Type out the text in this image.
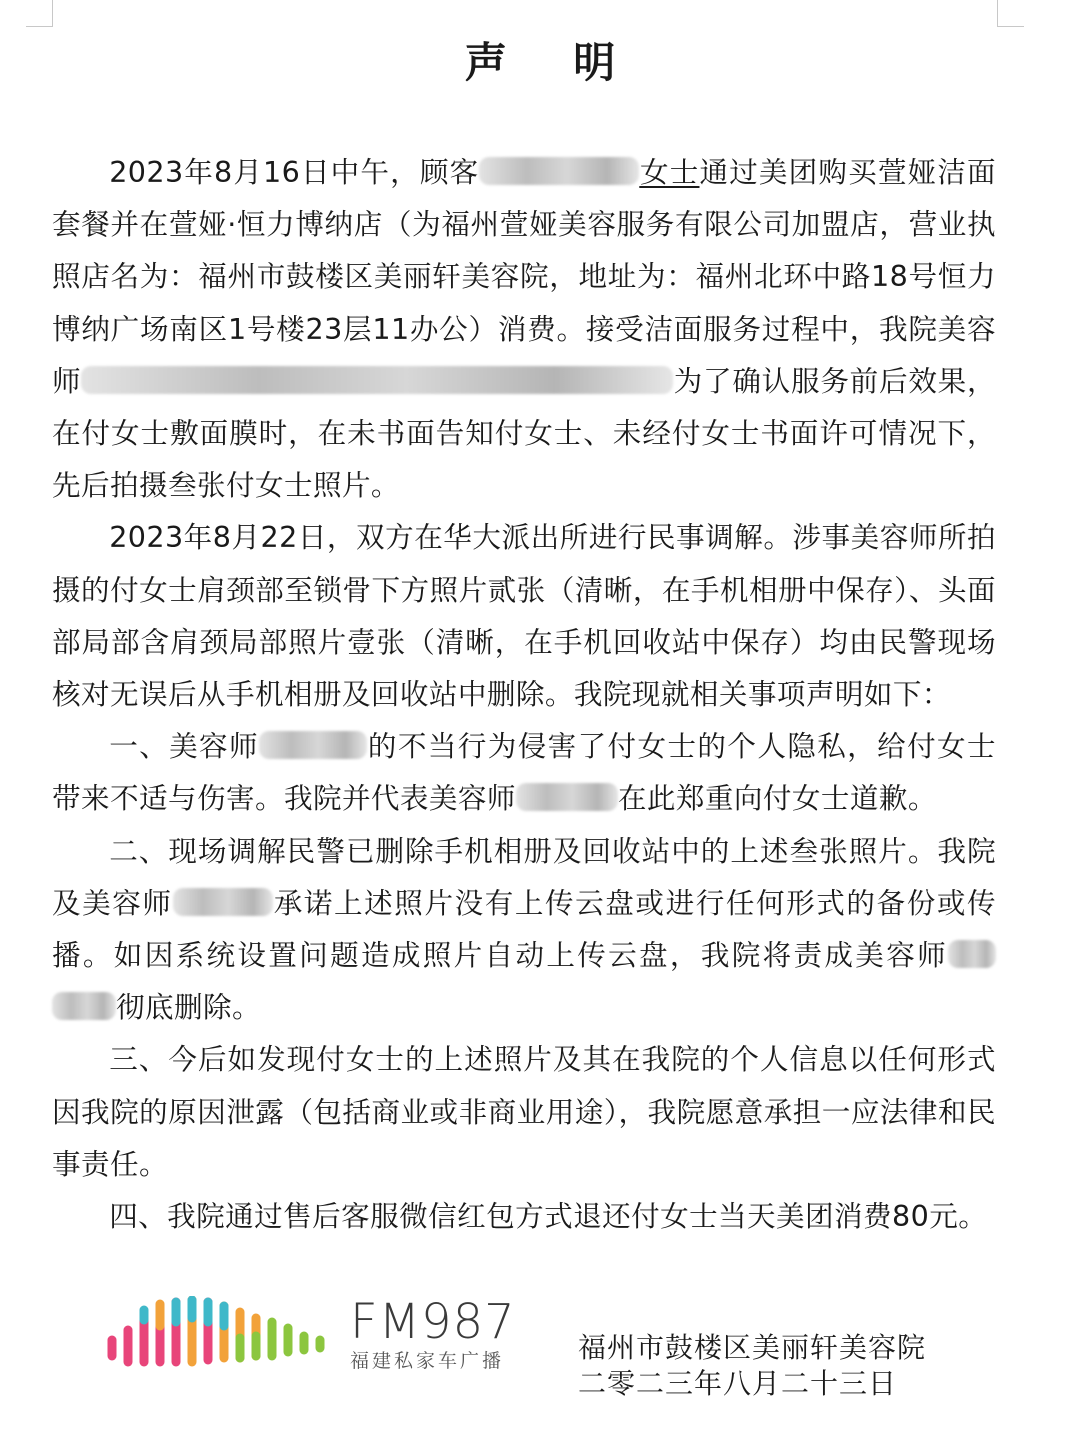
声 明

2023年8月16日中午，顾客	女士通过美团购买萱娅洁面套餐并在萱娅·恒力博纳店（为福州萱娅美容服务有限公司加盟店，营业执照店名为：福州市鼓楼区美丽轩美容院，地址为：福州北环中路18号恒力博纳广场南区1号楼23层11办公）消费。接受洁面服务过程中，我院美容师	为了确认服务前后效果，在付女士敷面膜时，在未书面告知付女士、未经付女士书面许可情况下，先后拍摄叁张付女士照片。

2023年8月22日，双方在华大派出所进行民事调解。涉事美容师所拍摄的付女士肩颈部至锁骨下方照片贰张（清晰，在手机相册中保存）、头面部局部含肩颈局部照片壹张（清晰，在手机回收站中保存）均由民警现场核对无误后从手机相册及回收站中删除。我院现就相关事项声明如下：

一、美容师	的不当行为侵害了付女士的个人隐私，给付女士带来不适与伤害。我院并代表美容师	在此郑重向付女士道歉。

二、现场调解民警已删除手机相册及回收站中的上述叁张照片。我院及美容师	承诺上述照片没有上传云盘或进行任何形式的备份或传播。如因系统设置问题造成照片自动上传云盘，我院将责成美容师彻底删除。

三、今后如发现付女士的上述照片及其在我院的个人信息以任何形式因我院的原因泄露（包括商业或非商业用途），我院愿意承担一应法律和民事责任。

四、我院通过售后客服微信红包方式退还付女士当天美团消费80元。

FM987
福建私家车广播	福州市鼓楼区美丽轩美容院
二零二三年八月二十三日
